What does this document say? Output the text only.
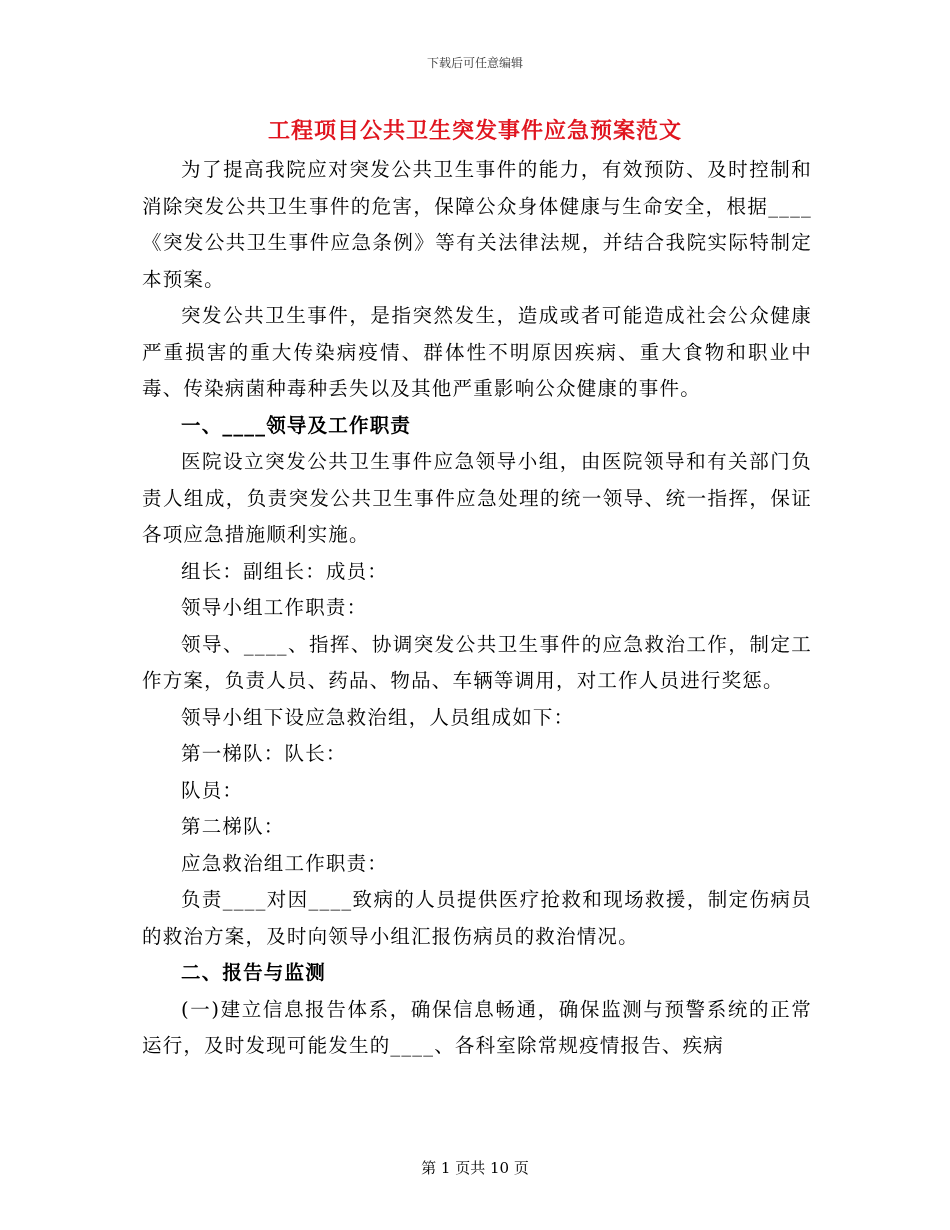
下载后可任意编辑
工程项目公共卫生突发事件应急预案范文

为了提高我院应对突发公共卫生事件的能力，有效预防、及时控制和消除突发公共卫生事件的危害，保障公众身体健康与生命安全，根据____《突发公共卫生事件应急条例》等有关法律法规，并结合我院实际特制定本预案。

突发公共卫生事件，是指突然发生，造成或者可能造成社会公众健康严重损害的重大传染病疫情、群体性不明原因疾病、重大食物和职业中毒、传染病菌种毒种丢失以及其他严重影响公众健康的事件。

一、____领导及工作职责

医院设立突发公共卫生事件应急领导小组，由医院领导和有关部门负责人组成，负责突发公共卫生事件应急处理的统一领导、统一指挥，保证各项应急措施顺利实施。

组长：副组长：成员：

领导小组工作职责：

领导、____、指挥、协调突发公共卫生事件的应急救治工作，制定工作方案，负责人员、药品、物品、车辆等调用，对工作人员进行奖惩。

领导小组下设应急救治组，人员组成如下：

第一梯队：队长：

队员：

第二梯队：

应急救治组工作职责：

负责____对因____致病的人员提供医疗抢救和现场救援，制定伤病员的救治方案，及时向领导小组汇报伤病员的救治情况。

二、报告与监测

(一)建立信息报告体系，确保信息畅通，确保监测与预警系统的正常运行，及时发现可能发生的____、各科室除常规疫情报告、疾病

第 1 页共 10 页
